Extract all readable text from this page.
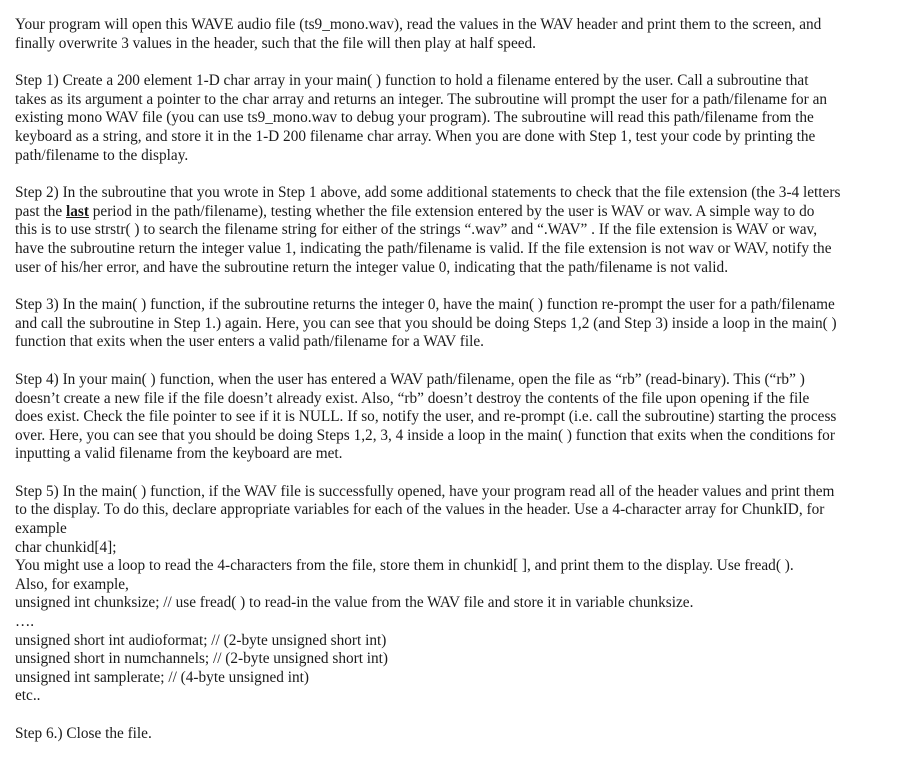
Your program will open this WAVE audio file (ts9_mono.wav), read the values in the WAV header and print them to the screen, and
finally overwrite 3 values in the header, such that the file will then play at half speed.
Step 1) Create a 200 element 1-D char array in your main( ) function to hold a filename entered by the user. Call a subroutine that
takes as its argument a pointer to the char array and returns an integer. The subroutine will prompt the user for a path/filename for an
existing mono WAV file (you can use ts9_mono.wav to debug your program). The subroutine will read this path/filename from the
keyboard as a string, and store it in the 1-D 200 filename char array. When you are done with Step 1, test your code by printing the
path/filename to the display.
Step 2) In the subroutine that you wrote in Step 1 above, add some additional statements to check that the file extension (the 3-4 letters
past the last period in the path/filename), testing whether the file extension entered by the user is WAV or wav. A simple way to do
this is to use strstr( ) to search the filename string for either of the strings “.wav” and “.WAV” . If the file extension is WAV or wav,
have the subroutine return the integer value 1, indicating the path/filename is valid. If the file extension is not wav or WAV, notify the
user of his/her error, and have the subroutine return the integer value 0, indicating that the path/filename is not valid.
Step 3) In the main( ) function, if the subroutine returns the integer 0, have the main( ) function re-prompt the user for a path/filename
and call the subroutine in Step 1.) again. Here, you can see that you should be doing Steps 1,2 (and Step 3) inside a loop in the main( )
function that exits when the user enters a valid path/filename for a WAV file.
Step 4) In your main( ) function, when the user has entered a WAV path/filename, open the file as “rb” (read-binary). This (“rb” )
doesn’t create a new file if the file doesn’t already exist. Also, “rb” doesn’t destroy the contents of the file upon opening if the file
does exist. Check the file pointer to see if it is NULL. If so, notify the user, and re-prompt (i.e. call the subroutine) starting the process
over. Here, you can see that you should be doing Steps 1,2, 3, 4 inside a loop in the main( ) function that exits when the conditions for
inputting a valid filename from the keyboard are met.
Step 5) In the main( ) function, if the WAV file is successfully opened, have your program read all of the header values and print them
to the display. To do this, declare appropriate variables for each of the values in the header. Use a 4-character array for ChunkID, for
example
char chunkid[4];
You might use a loop to read the 4-characters from the file, store them in chunkid[ ], and print them to the display. Use fread( ).
Also, for example,
unsigned int chunksize; // use fread( ) to read-in the value from the WAV file and store it in variable chunksize.
….
unsigned short int audioformat; // (2-byte unsigned short int)
unsigned short in numchannels; // (2-byte unsigned short int)
unsigned int samplerate; // (4-byte unsigned int)
etc..
Step 6.) Close the file.
